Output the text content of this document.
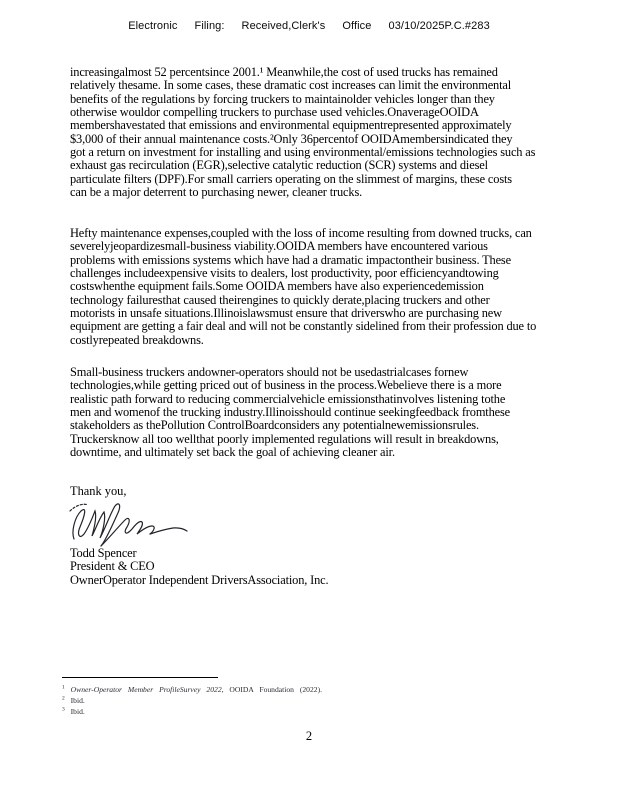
Electronic Filing: Received,Clerk's Office 03/10/2025P.C.#283
increasingalmost 52 percentsince 2001.¹ Meanwhile,the cost of used trucks has remained
relatively thesame. In some cases, these dramatic cost increases can limit the environmental
benefits of the regulations by forcing truckers to maintainolder vehicles longer than they
otherwise wouldor compelling truckers to purchase used vehicles.OnaverageOOIDA
membershavestated that emissions and environmental equipmentrepresented approximately
$3,000 of their annual maintenance costs.²Only 36percentof OOIDAmembersindicated they
got a return on investment for installing and using environmental/emissions technologies such as
exhaust gas recirculation (EGR),selective catalytic reduction (SCR) systems and diesel
particulate filters (DPF).For small carriers operating on the slimmest of margins, these costs
can be a major deterrent to purchasing newer, cleaner trucks.
Hefty maintenance expenses,coupled with the loss of income resulting from downed trucks, can
severelyjeopardizesmall-business viability.OOIDA members have encountered various
problems with emissions systems which have had a dramatic impactontheir business. These
challenges includeexpensive visits to dealers, lost productivity, poor efficiencyandtowing
costswhenthe equipment fails.Some OOIDA members have also experiencedemission
technology failuresthat caused theirengines to quickly derate,placing truckers and other
motorists in unsafe situations.Illinoislawsmust ensure that driverswho are purchasing new
equipment are getting a fair deal and will not be constantly sidelined from their profession due to
costlyrepeated breakdowns.
Small-business truckers andowner-operators should not be usedastrialcases fornew
technologies,while getting priced out of business in the process.Webelieve there is a more
realistic path forward to reducing commercialvehicle emissionsthatinvolves listening tothe
men and womenof the trucking industry.Illinoisshould continue seekingfeedback fromthese
stakeholders as thePollution ControlBoardconsiders any potentialnewemissionsrules.
Truckersknow all too wellthat poorly implemented regulations will result in breakdowns,
downtime, and ultimately set back the goal of achieving cleaner air.
Thank you,
Todd Spencer
President & CEO
OwnerOperator Independent DriversAssociation, Inc.
$^1$ Owner-Operator Member ProfileSurvey 2022, OOIDA Foundation (2022).
$^2$ Ibid.
$^3$ Ibid.
2
